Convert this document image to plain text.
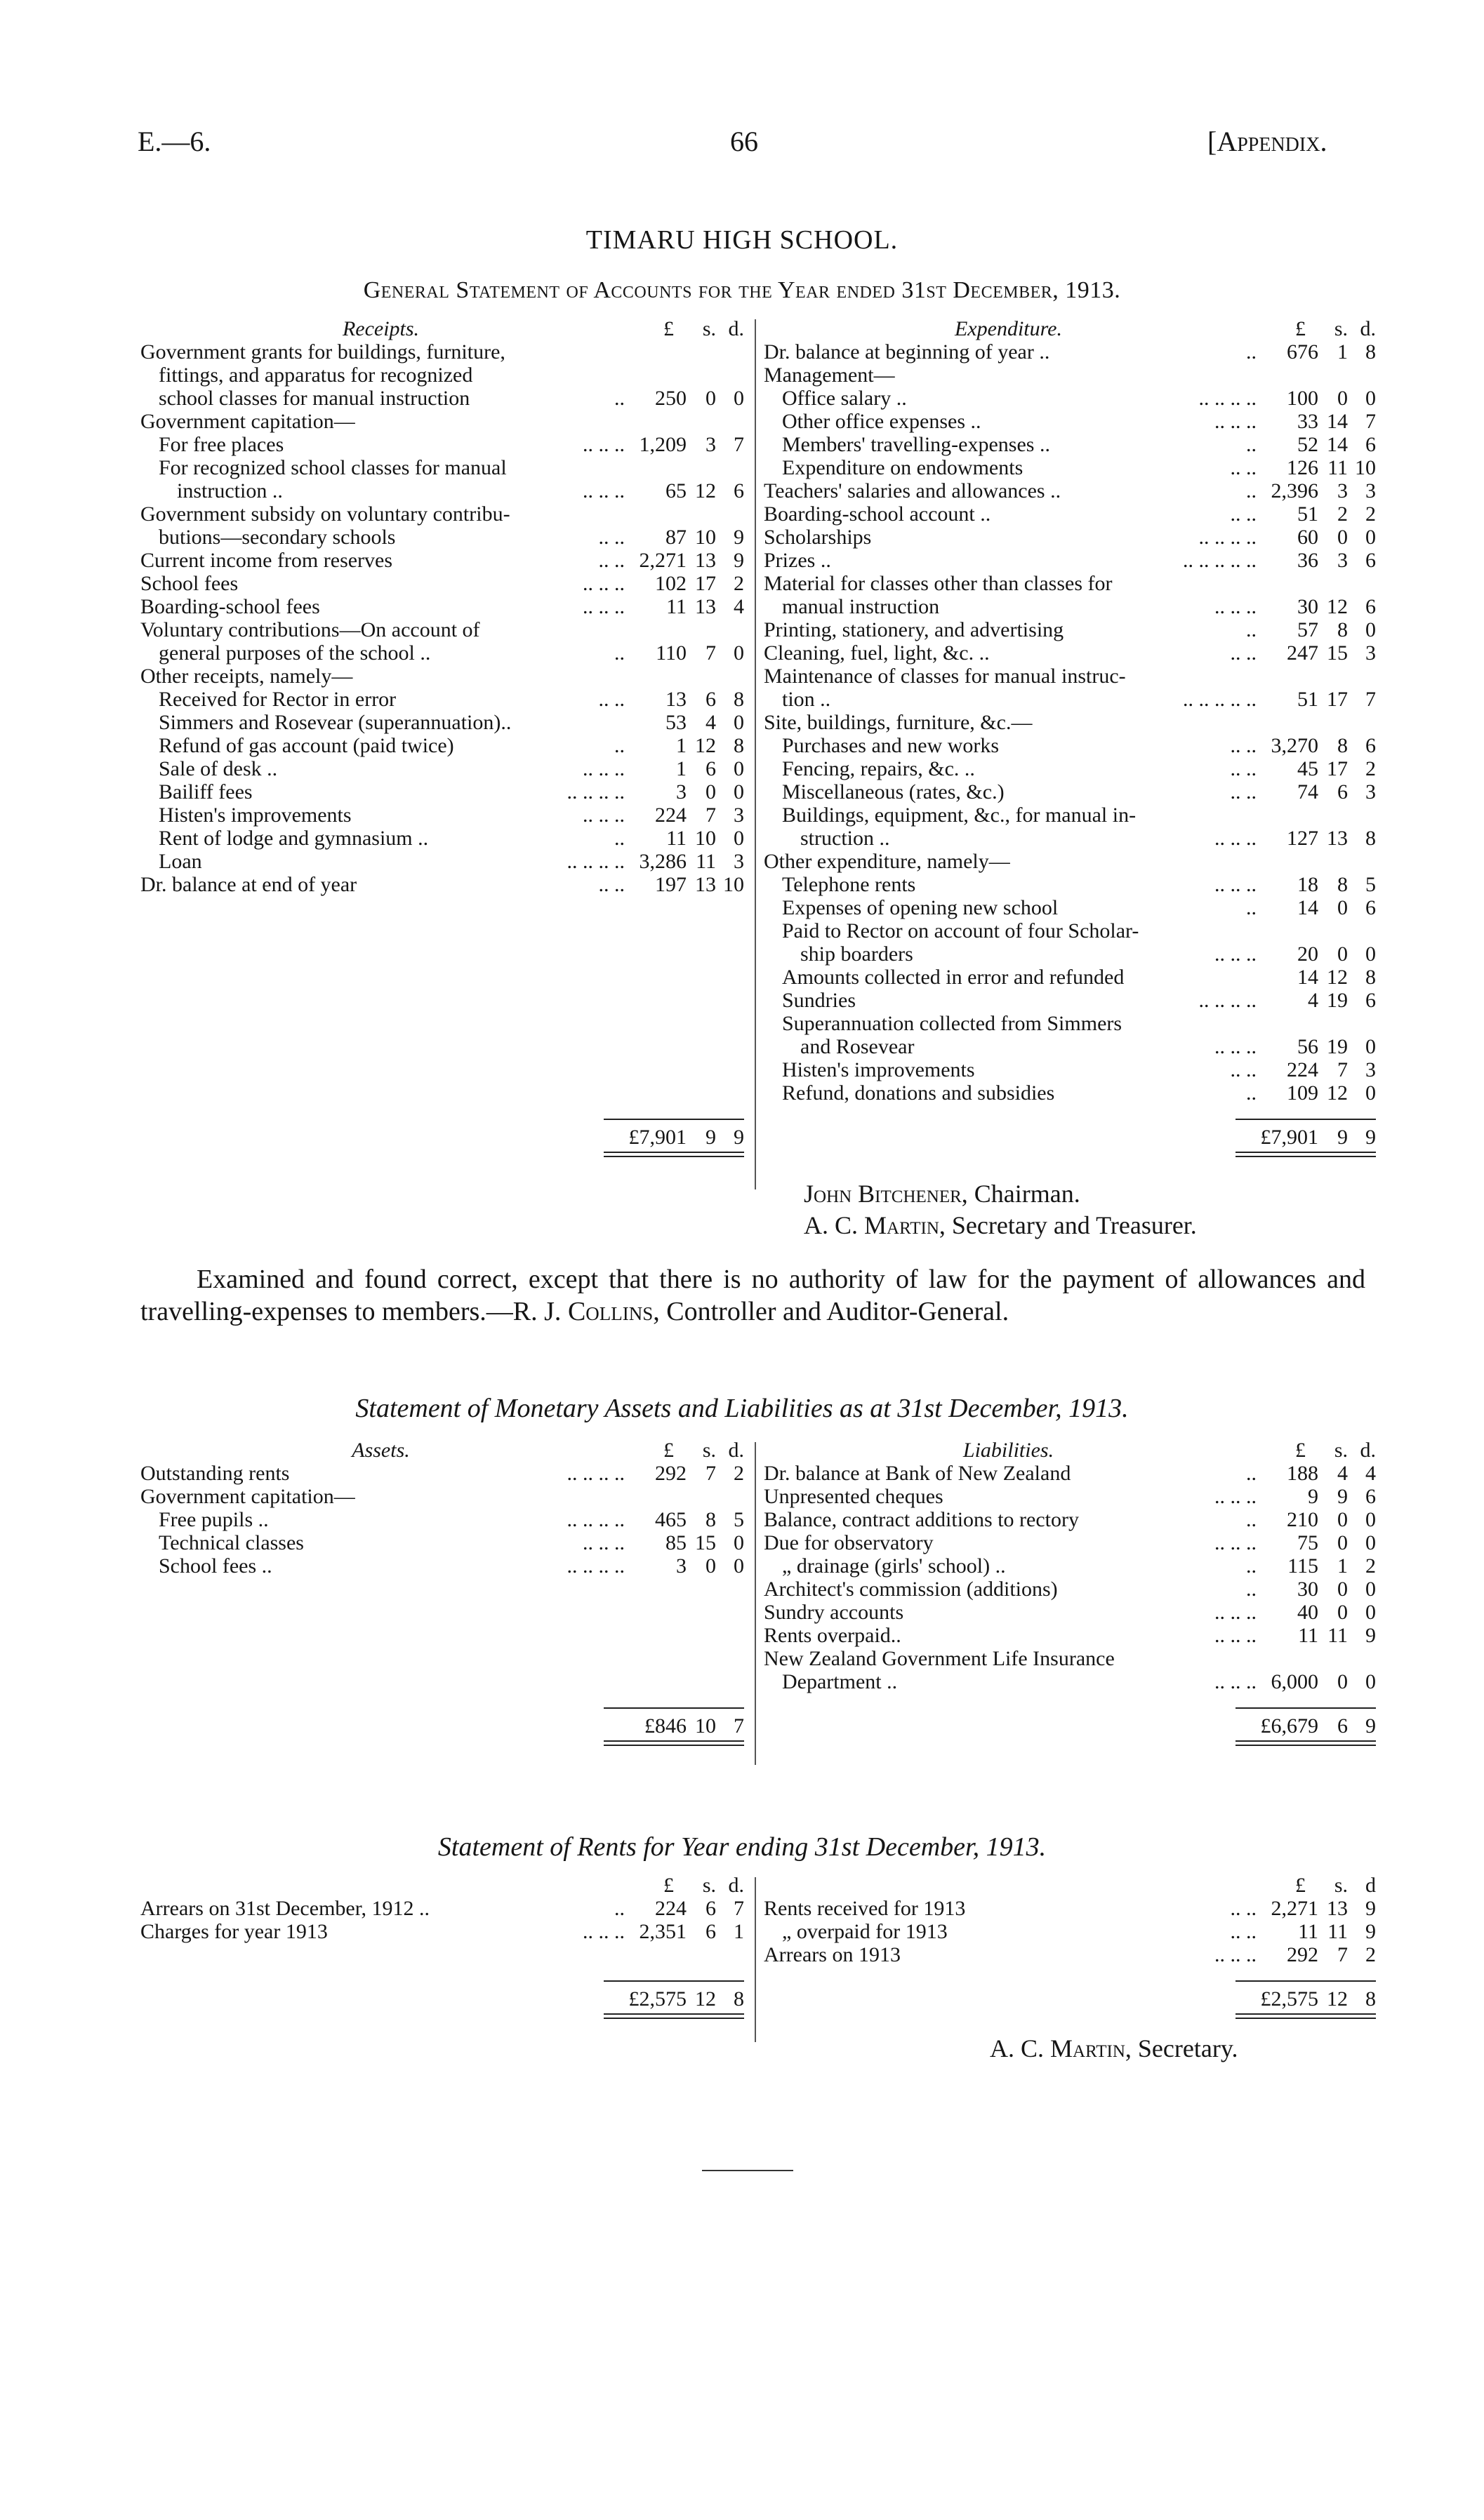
E.—6.	66	[Appendix.
TIMARU HIGH SCHOOL.
General Statement of Accounts for the Year ended 31st December, 1913.
Receipts.	£ s. d.
Government grants for buildings, furniture,
fittings, and apparatus for recognized
school classes for manual instruction	.. 250 0 0
Government capitation—
For free places	.. .. .. 1,209 3 7
For recognized school classes for manual
instruction ..	.. .. .. 65 12 6
Government subsidy on voluntary contribu-
butions—secondary schools	.. .. 87 10 9
Current income from reserves	.. .. 2,271 13 9
School fees	.. .. .. 102 17 2
Boarding-school fees	.. .. .. 11 13 4
Voluntary contributions—On account of
general purposes of the school ..	.. 110 7 0
Other receipts, namely—
Received for Rector in error	.. .. 13 6 8
Simmers and Rosevear (superannuation)..	53 4 0
Refund of gas account (paid twice)	.. 1 12 8
Sale of desk ..	.. .. .. 1 6 0
Bailiff fees	.. .. .. .. 3 0 0
Histen's improvements	.. .. .. 224 7 3
Rent of lodge and gymnasium ..	.. 11 10 0
Loan	.. .. .. .. 3,286 11 3
Dr. balance at end of year	.. .. 197 13 10
£7,901 9 9
Expenditure.	£ s. d.
Dr. balance at beginning of year ..	.. 676 1 8
Management—
Office salary ..	.. .. .. .. 100 0 0
Other office expenses ..	.. .. .. 33 14 7
Members' travelling-expenses ..	.. 52 14 6
Expenditure on endowments	.. .. 126 11 10
Teachers' salaries and allowances ..	.. 2,396 3 3
Boarding-school account ..	.. .. 51 2 2
Scholarships	.. .. .. .. 60 0 0
Prizes ..	.. .. .. .. .. 36 3 6
Material for classes other than classes for
manual instruction	.. .. .. 30 12 6
Printing, stationery, and advertising	.. 57 8 0
Cleaning, fuel, light, &c. ..	.. .. 247 15 3
Maintenance of classes for manual instruc-
tion ..	.. .. .. .. .. 51 17 7
Site, buildings, furniture, &c.—
Purchases and new works	.. .. 3,270 8 6
Fencing, repairs, &c. ..	.. .. 45 17 2
Miscellaneous (rates, &c.)	.. .. 74 6 3
Buildings, equipment, &c., for manual in-
struction ..	.. .. .. 127 13 8
Other expenditure, namely—
Telephone rents	.. .. .. 18 8 5
Expenses of opening new school	.. 14 0 6
Paid to Rector on account of four Scholar-
ship boarders	.. .. .. 20 0 0
Amounts collected in error and refunded	14 12 8
Sundries	.. .. .. .. 4 19 6
Superannuation collected from Simmers
and Rosevear	.. .. .. 56 19 0
Histen's improvements	.. .. 224 7 3
Refund, donations and subsidies	.. 109 12 0
£7,901 9 9
John Bitchener, Chairman.
A. C. Martin, Secretary and Treasurer.
Examined and found correct, except that there is no authority of law for the payment of allowances and travelling-expenses to members.—R. J. Collins, Controller and Auditor-General.
Statement of Monetary Assets and Liabilities as at 31st December, 1913.
Assets.	£ s. d.
Outstanding rents	.. .. .. .. 292 7 2
Government capitation—
Free pupils ..	.. .. .. .. 465 8 5
Technical classes	.. .. .. 85 15 0
School fees ..	.. .. .. .. 3 0 0
£846 10 7
Liabilities.	£ s. d.
Dr. balance at Bank of New Zealand	.. 188 4 4
Unpresented cheques	.. .. .. 9 9 6
Balance, contract additions to rectory	.. 210 0 0
Due for observatory	.. .. .. 75 0 0
„ drainage (girls' school) ..	.. 115 1 2
Architect's commission (additions)	.. 30 0 0
Sundry accounts	.. .. .. 40 0 0
Rents overpaid..	.. .. .. 11 11 9
New Zealand Government Life Insurance
Department ..	.. .. .. 6,000 0 0
£6,679 6 9
Statement of Rents for Year ending 31st December, 1913.
£ s. d.
Arrears on 31st December, 1912 ..	.. 224 6 7
Charges for year 1913	.. .. .. 2,351 6 1
£2,575 12 8
£ s. d
Rents received for 1913	.. .. 2,271 13 9
„ overpaid for 1913	.. .. 11 11 9
Arrears on 1913	.. .. .. 292 7 2
£2,575 12 8
A. C. Martin, Secretary.
